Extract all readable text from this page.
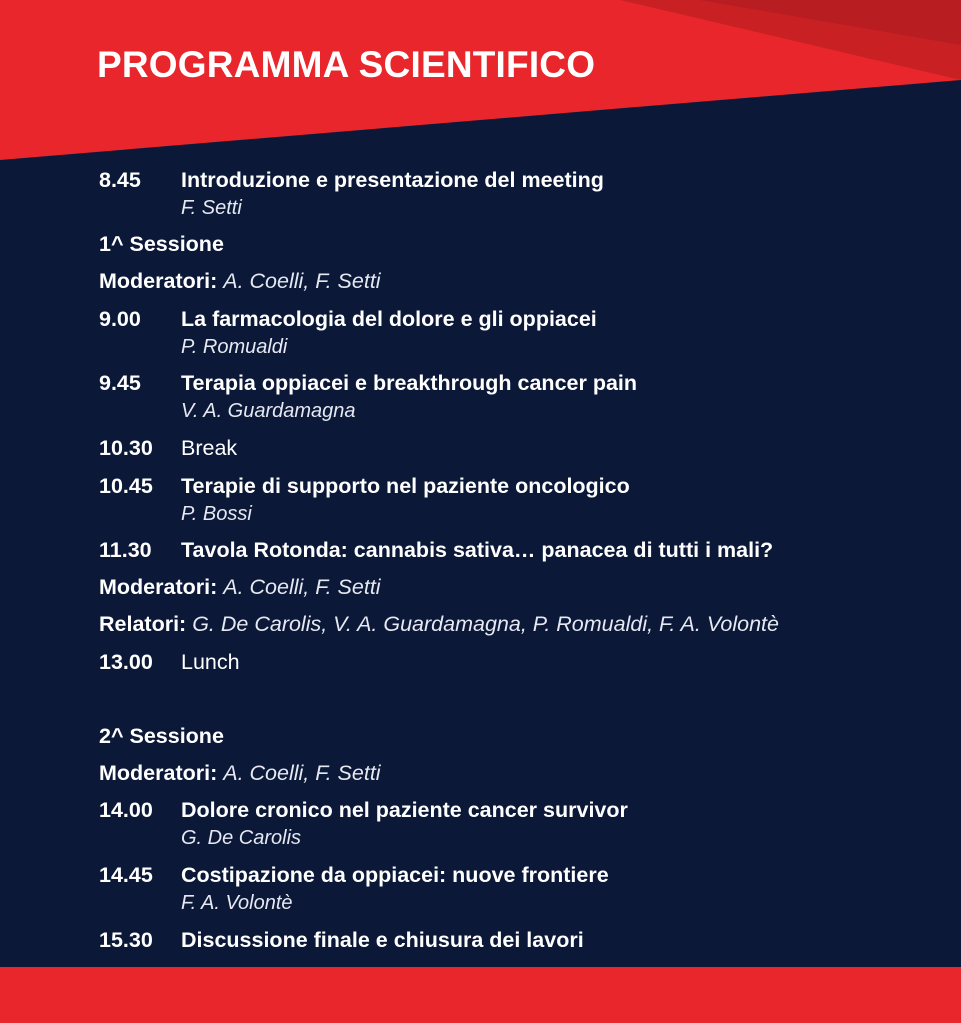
PROGRAMMA SCIENTIFICO
8.45 Introduzione e presentazione del meeting
F. Setti
1^ Sessione
Moderatori: A. Coelli, F. Setti
9.00 La farmacologia del dolore e gli oppiacei
P. Romualdi
9.45 Terapia oppiacei e breakthrough cancer pain
V. A. Guardamagna
10.30 Break
10.45 Terapie di supporto nel paziente oncologico
P. Bossi
11.30 Tavola Rotonda: cannabis sativa… panacea di tutti i mali?
Moderatori: A. Coelli, F. Setti
Relatori: G. De Carolis, V. A. Guardamagna, P. Romualdi, F. A. Volontè
13.00 Lunch
2^ Sessione
Moderatori: A. Coelli, F. Setti
14.00 Dolore cronico nel paziente cancer survivor
G. De Carolis
14.45 Costipazione da oppiacei: nuove frontiere
F. A. Volontè
15.30 Discussione finale e chiusura dei lavori
